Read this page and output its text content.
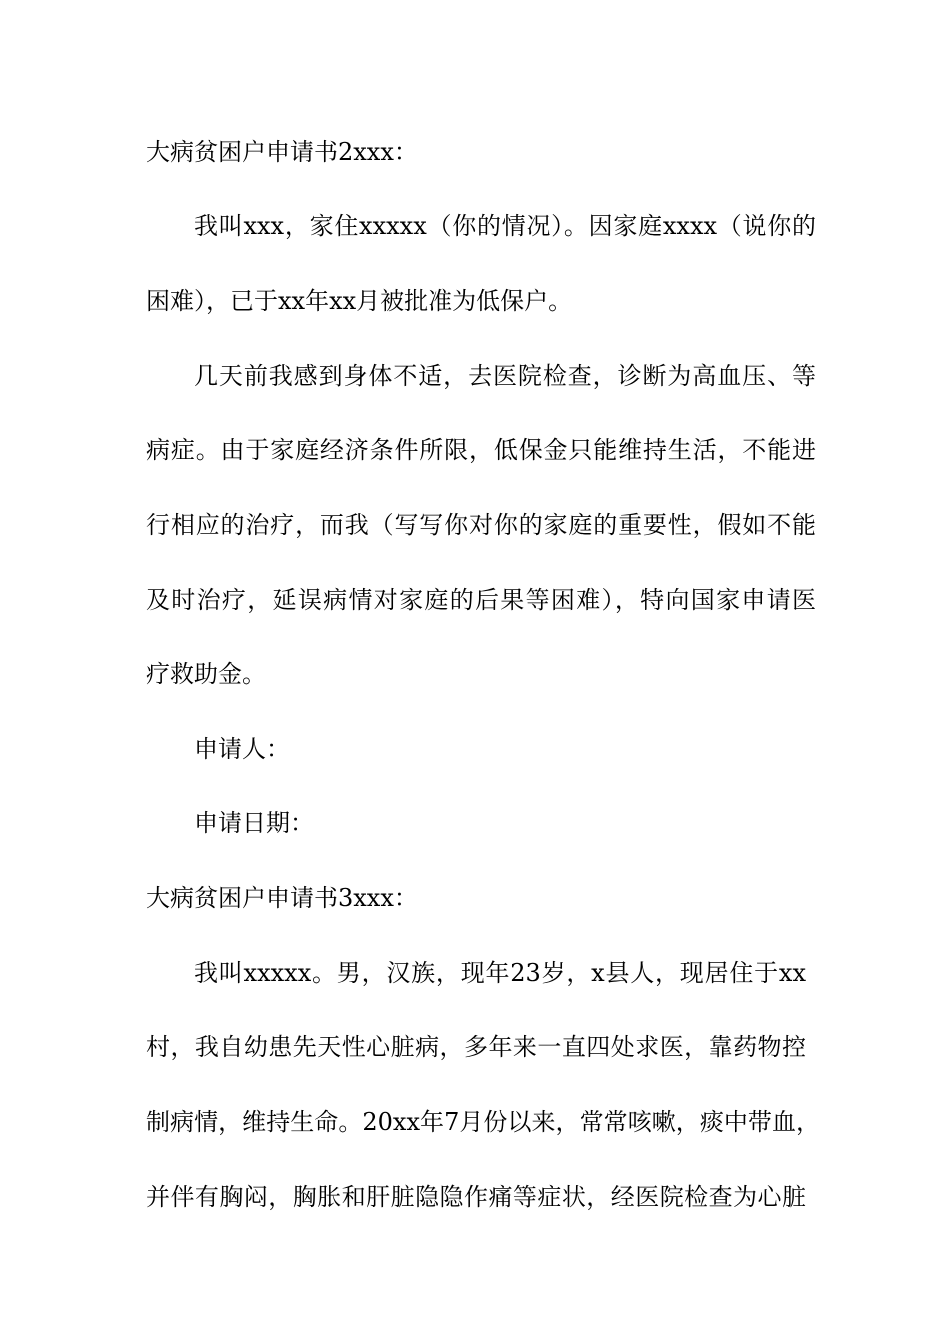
大病贫困户申请书2xxx：
我叫xxx，家住xxxxx（你的情况）。因家庭xxxx（说你的
困难），已于xx年xx月被批准为低保户。
几天前我感到身体不适，去医院检查，诊断为高血压、等
病症。由于家庭经济条件所限，低保金只能维持生活，不能进
行相应的治疗，而我（写写你对你的家庭的重要性，假如不能
及时治疗，延误病情对家庭的后果等困难），特向国家申请医
疗救助金。
申请人：
申请日期：
大病贫困户申请书3xxx：
我叫xxxxx。男，汉族，现年23岁，x县人，现居住于xx
村，我自幼患先天性心脏病，多年来一直四处求医，靠药物控
制病情，维持生命。20xx年7月份以来，常常咳嗽，痰中带血，
并伴有胸闷，胸胀和肝脏隐隐作痛等症状，经医院检查为心脏
